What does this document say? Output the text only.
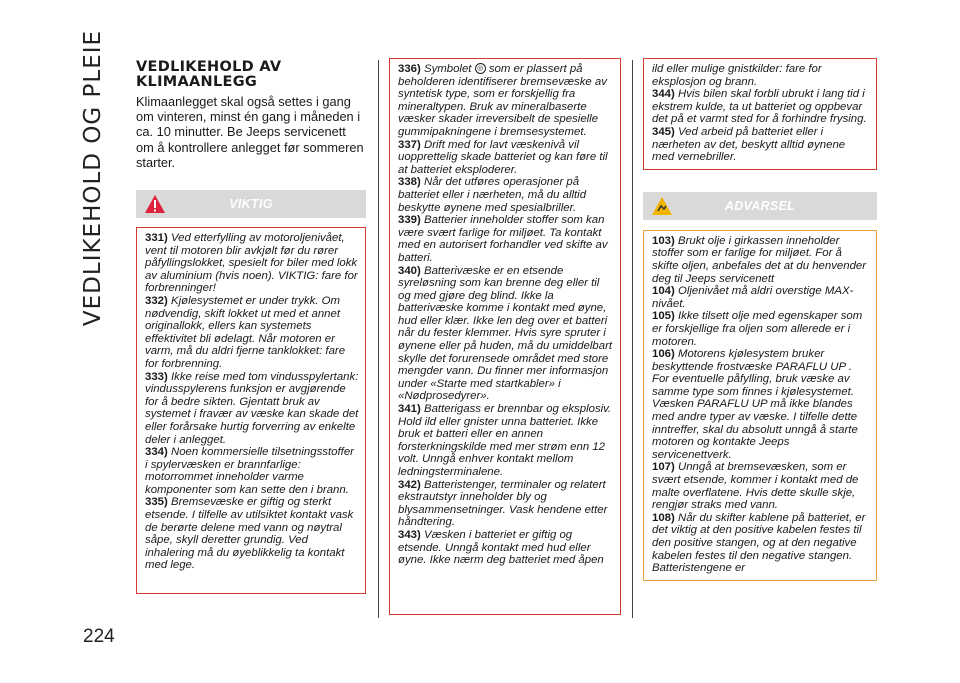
VEDLIKEHOLD OG PLEIE
224
VEDLIKEHOLD AV
KLIMAANLEGG
Klimaanlegget skal også settes i gang om vinteren, minst én gang i måneden i ca. 10 minutter. Be Jeeps servicenett om å kontrollere anlegget før sommeren starter.
VIKTIG

331) Ved etterfylling av motoroljenivået, vent til motoren blir avkjølt før du rører påfyllingslokket, spesielt for biler med lokk av aluminium (hvis noen). VIKTIG: fare for forbrenninger!

332) Kjølesystemet er under trykk. Om nødvendig, skift lokket ut med et annet originallokk, ellers kan systemets effektivitet bli ødelagt. Når motoren er varm, må du aldri fjerne tanklokket: fare for forbrenning.

333) Ikke reise med tom vindusspylertank: vindusspylerens funksjon er avgjørende for å bedre sikten. Gjentatt bruk av systemet i fravær av væske kan skade det eller forårsake hurtig forverring av enkelte deler i anlegget.

334) Noen kommersielle tilsetningsstoffer i spylervæsken er brannfarlige: motorrommet inneholder varme komponenter som kan sette den i brann.

335) Bremsevæske er giftig og sterkt etsende. I tilfelle av utilsiktet kontakt vask de berørte delene med vann og nøytral såpe, skyll deretter grundig. Ved inhalering må du øyeblikkelig ta kontakt med lege.

336) Symbolet ◎ som er plassert på beholderen identifiserer bremsevæske av syntetisk type, som er forskjellig fra mineraltypen. Bruk av mineralbaserte væsker skader irreversibelt de spesielle gummipakningene i bremsesystemet.

337) Drift med for lavt væskenivå vil uopprettelig skade batteriet og kan føre til at batteriet eksploderer.

338) Når det utføres operasjoner på batteriet eller i nærheten, må du alltid beskytte øynene med spesialbriller.

339) Batterier inneholder stoffer som kan være svært farlige for miljøet. Ta kontakt med en autorisert forhandler ved skifte av batteri.

340) Batterivæske er en etsende syreløsning som kan brenne deg eller til og med gjøre deg blind. Ikke la batterivæske komme i kontakt med øyne, hud eller klær. Ikke len deg over et batteri når du fester klemmer. Hvis syre spruter i øynene eller på huden, må du umiddelbart skylle det forurensede området med store mengder vann. Du finner mer informasjon under «Starte med startkabler» i «Nødprosedyrer».

341) Batterigass er brennbar og eksplosiv. Hold ild eller gnister unna batteriet. Ikke bruk et batteri eller en annen forsterkningskilde med mer strøm enn 12 volt. Unngå enhver kontakt mellom ledningsterminalene.

342) Batteristenger, terminaler og relatert ekstrautstyr inneholder bly og blysammensetninger. Vask hendene etter håndtering.

343) Væsken i batteriet er giftig og etsende. Unngå kontakt med hud eller øyne. Ikke nærm deg batteriet med åpen

ild eller mulige gnistkilder: fare for eksplosjon og brann.

344) Hvis bilen skal forbli ubrukt i lang tid i ekstrem kulde, ta ut batteriet og oppbevar det på et varmt sted for å forhindre frysing.

345) Ved arbeid på batteriet eller i nærheten av det, beskytt alltid øynene med vernebriller.

ADVARSEL

103) Brukt olje i girkassen inneholder stoffer som er farlige for miljøet. For å skifte oljen, anbefales det at du henvender deg til Jeeps servicenett

104) Oljenivået må aldri overstige MAX-nivået.

105) Ikke tilsett olje med egenskaper som er forskjellige fra oljen som allerede er i motoren.

106) Motorens kjølesystem bruker beskyttende frostvæske PARAFLU UP . For eventuelle påfylling, bruk væske av samme type som finnes i kjølesystemet. Væsken PARAFLU UP må ikke blandes med andre typer av væske. I tilfelle dette inntreffer, skal du absolutt unngå å starte motoren og kontakte Jeeps servicenettverk.

107) Unngå at bremsevæsken, som er svært etsende, kommer i kontakt med de malte overflatene. Hvis dette skulle skje, rengjør straks med vann.

108) Når du skifter kablene på batteriet, er det viktig at den positive kabelen festes til den positive stangen, og at den negative kabelen festes til den negative stangen. Batteristengene er
